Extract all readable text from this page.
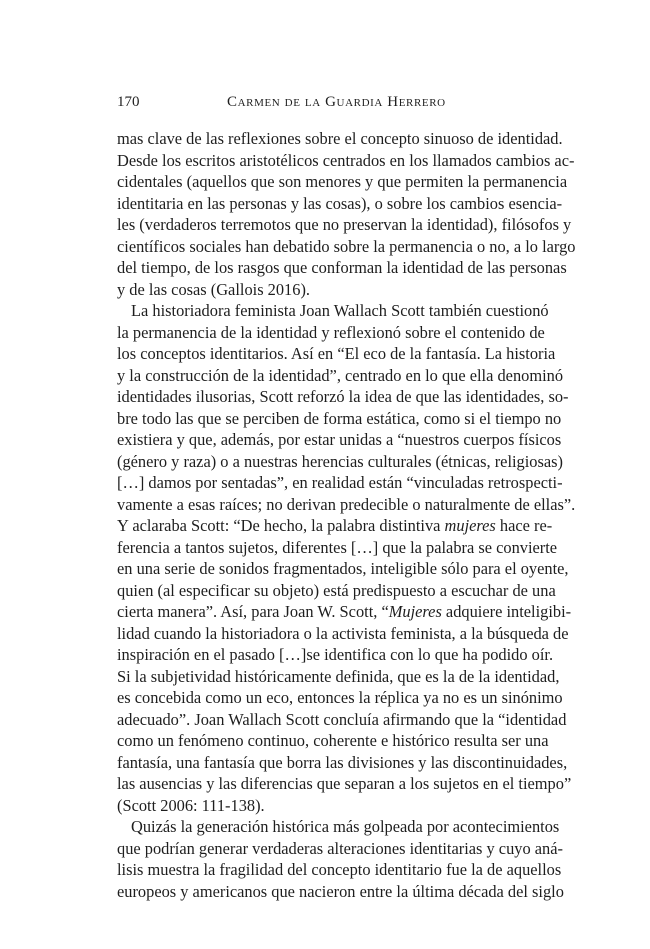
170	Carmen de la Guardia Herrero
mas clave de las reflexiones sobre el concepto sinuoso de identidad.
Desde los escritos aristotélicos centrados en los llamados cambios ac-
cidentales (aquellos que son menores y que permiten la permanencia
identitaria en las personas y las cosas), o sobre los cambios esencia-
les (verdaderos terremotos que no preservan la identidad), filósofos y
científicos sociales han debatido sobre la permanencia o no, a lo largo
del tiempo, de los rasgos que conforman la identidad de las personas
y de las cosas (Gallois 2016).
La historiadora feminista Joan Wallach Scott también cuestionó
la permanencia de la identidad y reflexionó sobre el contenido de
los conceptos identitarios. Así en “El eco de la fantasía. La historia
y la construcción de la identidad”, centrado en lo que ella denominó
identidades ilusorias, Scott reforzó la idea de que las identidades, so-
bre todo las que se perciben de forma estática, como si el tiempo no
existiera y que, además, por estar unidas a “nuestros cuerpos físicos
(género y raza) o a nuestras herencias culturales (étnicas, religiosas)
[…] damos por sentadas”, en realidad están “vinculadas retrospecti-
vamente a esas raíces; no derivan predecible o naturalmente de ellas”.
Y aclaraba Scott: “De hecho, la palabra distintiva mujeres hace re-
ferencia a tantos sujetos, diferentes […] que la palabra se convierte
en una serie de sonidos fragmentados, inteligible sólo para el oyente,
quien (al especificar su objeto) está predispuesto a escuchar de una
cierta manera”. Así, para Joan W. Scott, “Mujeres adquiere inteligibi-
lidad cuando la historiadora o la activista feminista, a la búsqueda de
inspiración en el pasado […]se identifica con lo que ha podido oír.
Si la subjetividad históricamente definida, que es la de la identidad,
es concebida como un eco, entonces la réplica ya no es un sinónimo
adecuado”. Joan Wallach Scott concluía afirmando que la “identidad
como un fenómeno continuo, coherente e histórico resulta ser una
fantasía, una fantasía que borra las divisiones y las discontinuidades,
las ausencias y las diferencias que separan a los sujetos en el tiempo”
(Scott 2006: 111-138).
Quizás la generación histórica más golpeada por acontecimientos
que podrían generar verdaderas alteraciones identitarias y cuyo aná-
lisis muestra la fragilidad del concepto identitario fue la de aquellos
europeos y americanos que nacieron entre la última década del siglo
